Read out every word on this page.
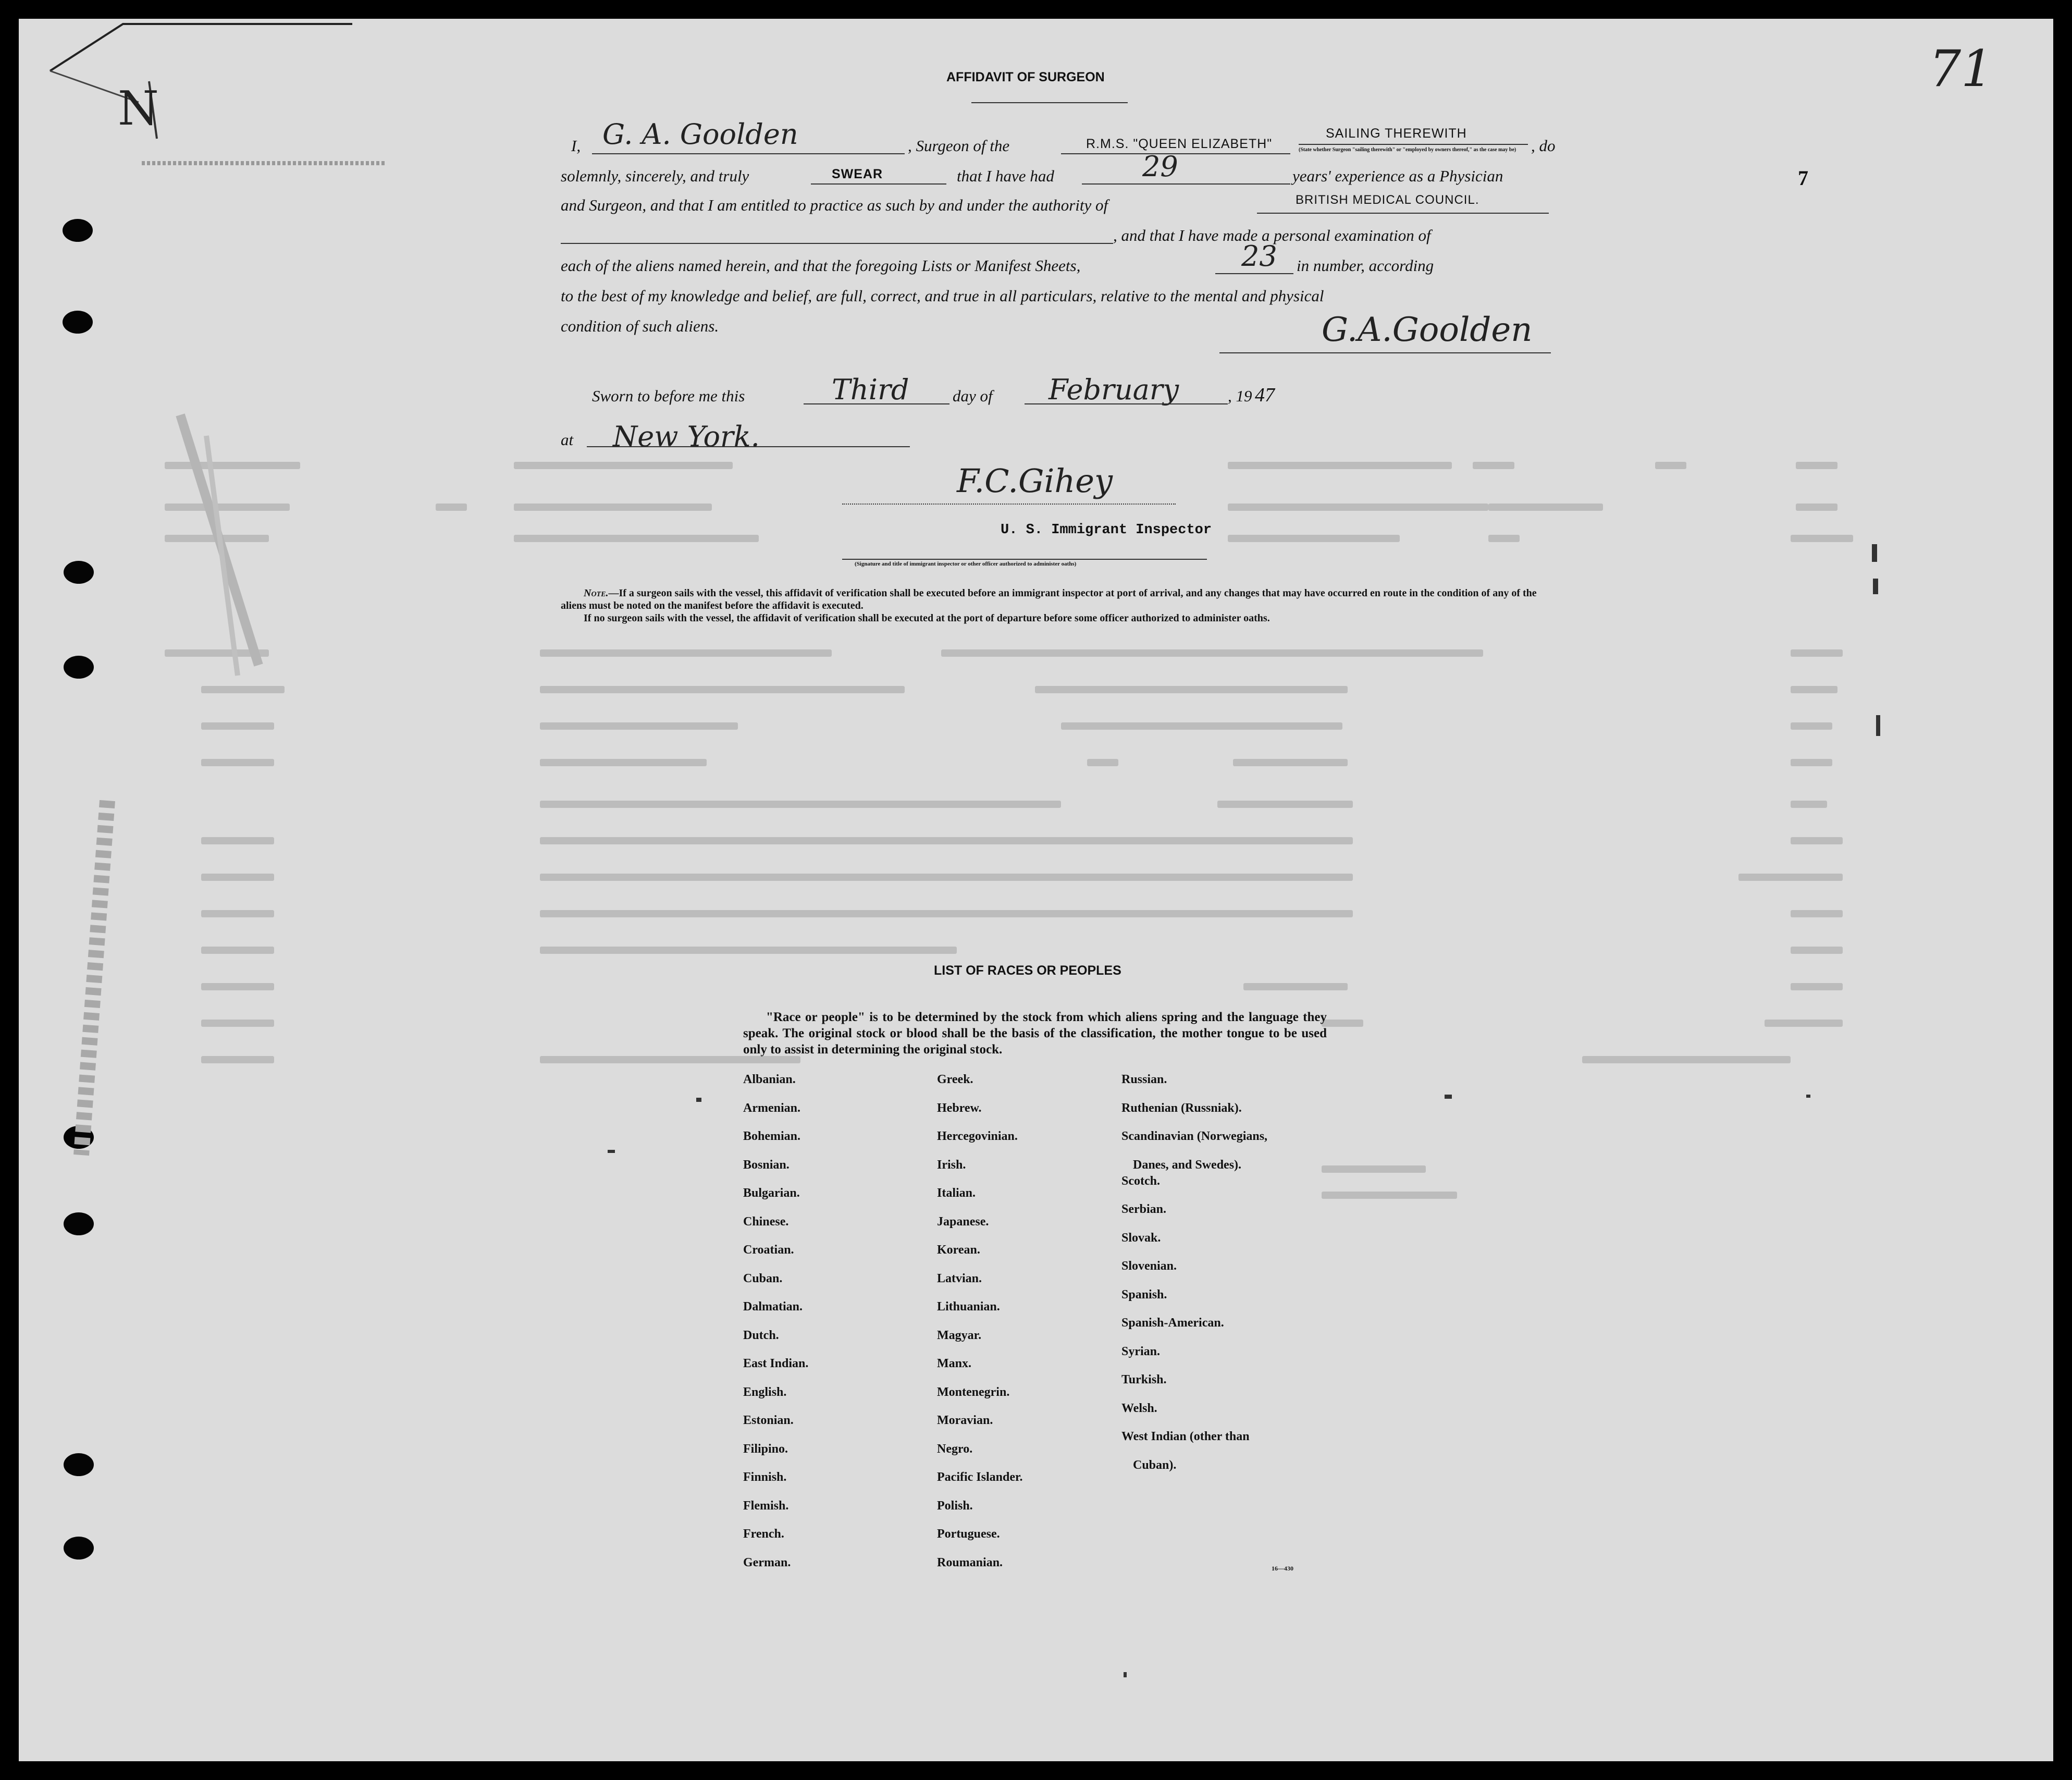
N
71
7
AFFIDAVIT OF SURGEON
I, G. A. Goolden	, Surgeon of the	R.M.S. "QUEEN ELIZABETH"
SAILING THEREWITH
(State whether Surgeon "sailing therewith" or "employed by owners thereof," as the case may be) , do
solemnly, sincerely, and truly	SWEAR	that I have had	29	years' experience as a Physician
and Surgeon, and that I am entitled to practice as such by and under the authority of	BRITISH MEDICAL COUNCIL.
, and that I have made a personal examination of
each of the aliens named herein, and that the foregoing Lists or Manifest Sheets,	23 in number, according
to the best of my knowledge and belief, are full, correct, and true in all particulars, relative to the mental and physical
condition of such aliens.	G.A.Goolden
Sworn to before me this	Third	day of February	, 19 47
at New York.
F.C.Gihey
U. S. Immigrant Inspector
(Signature and title of immigrant inspector or other officer authorized to administer oaths)
Note.—If a surgeon sails with the vessel, this affidavit of verification shall be executed before an immigrant inspector at port of arrival, and any changes that may have occurred en route in the condition of any of the aliens must be noted on the manifest before the affidavit is executed.
If no surgeon sails with the vessel, the affidavit of verification shall be executed at the port of departure before some officer authorized to administer oaths.
LIST OF RACES OR PEOPLES
"Race or people" is to be determined by the stock from which aliens spring and the language they speak. The original stock or blood shall be the basis of the classification, the mother tongue to be used only to assist in determining the original stock.
Albanian.
Armenian.
Bohemian.
Bosnian.
Bulgarian.
Chinese.
Croatian.
Cuban.
Dalmatian.
Dutch.
East Indian.
English.
Estonian.
Filipino.
Finnish.
Flemish.
French.
German.
Greek.
Hebrew.
Hercegovinian.
Irish.
Italian.
Japanese.
Korean.
Latvian.
Lithuanian.
Magyar.
Manx.
Montenegrin.
Moravian.
Negro.
Pacific Islander.
Polish.
Portuguese.
Roumanian.
Russian.
Ruthenian (Russniak).
Scandinavian (Norwegians,
Danes, and Swedes).
Scotch.
Serbian.
Slovak.
Slovenian.
Spanish.
Spanish-American.
Syrian.
Turkish.
Welsh.
West Indian (other than
Cuban).
16—430
